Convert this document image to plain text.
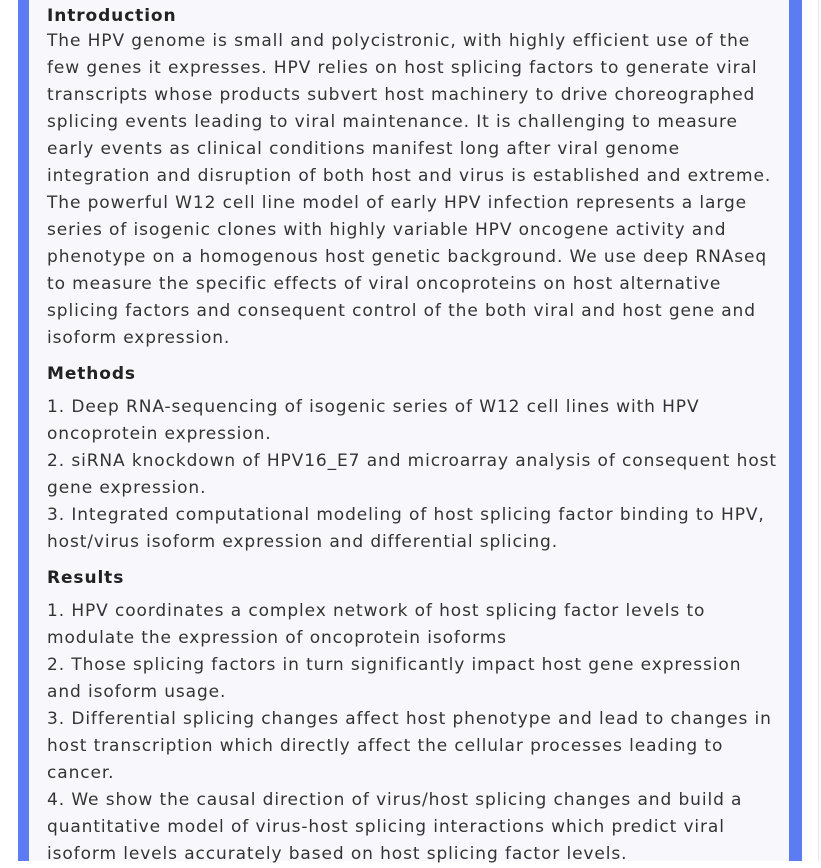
Introduction

The HPV genome is small and polycistronic, with highly efficient use of the few genes it expresses. HPV relies on host splicing factors to generate viral transcripts whose products subvert host machinery to drive choreographed splicing events leading to viral maintenance. It is challenging to measure early events as clinical conditions manifest long after viral genome integration and disruption of both host and virus is established and extreme. The powerful W12 cell line model of early HPV infection represents a large series of isogenic clones with highly variable HPV oncogene activity and phenotype on a homogenous host genetic background. We use deep RNAseq to measure the specific effects of viral oncoproteins on host alternative splicing factors and consequent control of the both viral and host gene and isoform expression.

Methods

1. Deep RNA-sequencing of isogenic series of W12 cell lines with HPV oncoprotein expression.

2. siRNA knockdown of HPV16_E7 and microarray analysis of consequent host gene expression.

3. Integrated computational modeling of host splicing factor binding to HPV, host/virus isoform expression and differential splicing.

Results

1. HPV coordinates a complex network of host splicing factor levels to modulate the expression of oncoprotein isoforms

2. Those splicing factors in turn significantly impact host gene expression and isoform usage.

3. Differential splicing changes affect host phenotype and lead to changes in host transcription which directly affect the cellular processes leading to cancer.

4. We show the causal direction of virus/host splicing changes and build a quantitative model of virus-host splicing interactions which predict viral isoform levels accurately based on host splicing factor levels.
